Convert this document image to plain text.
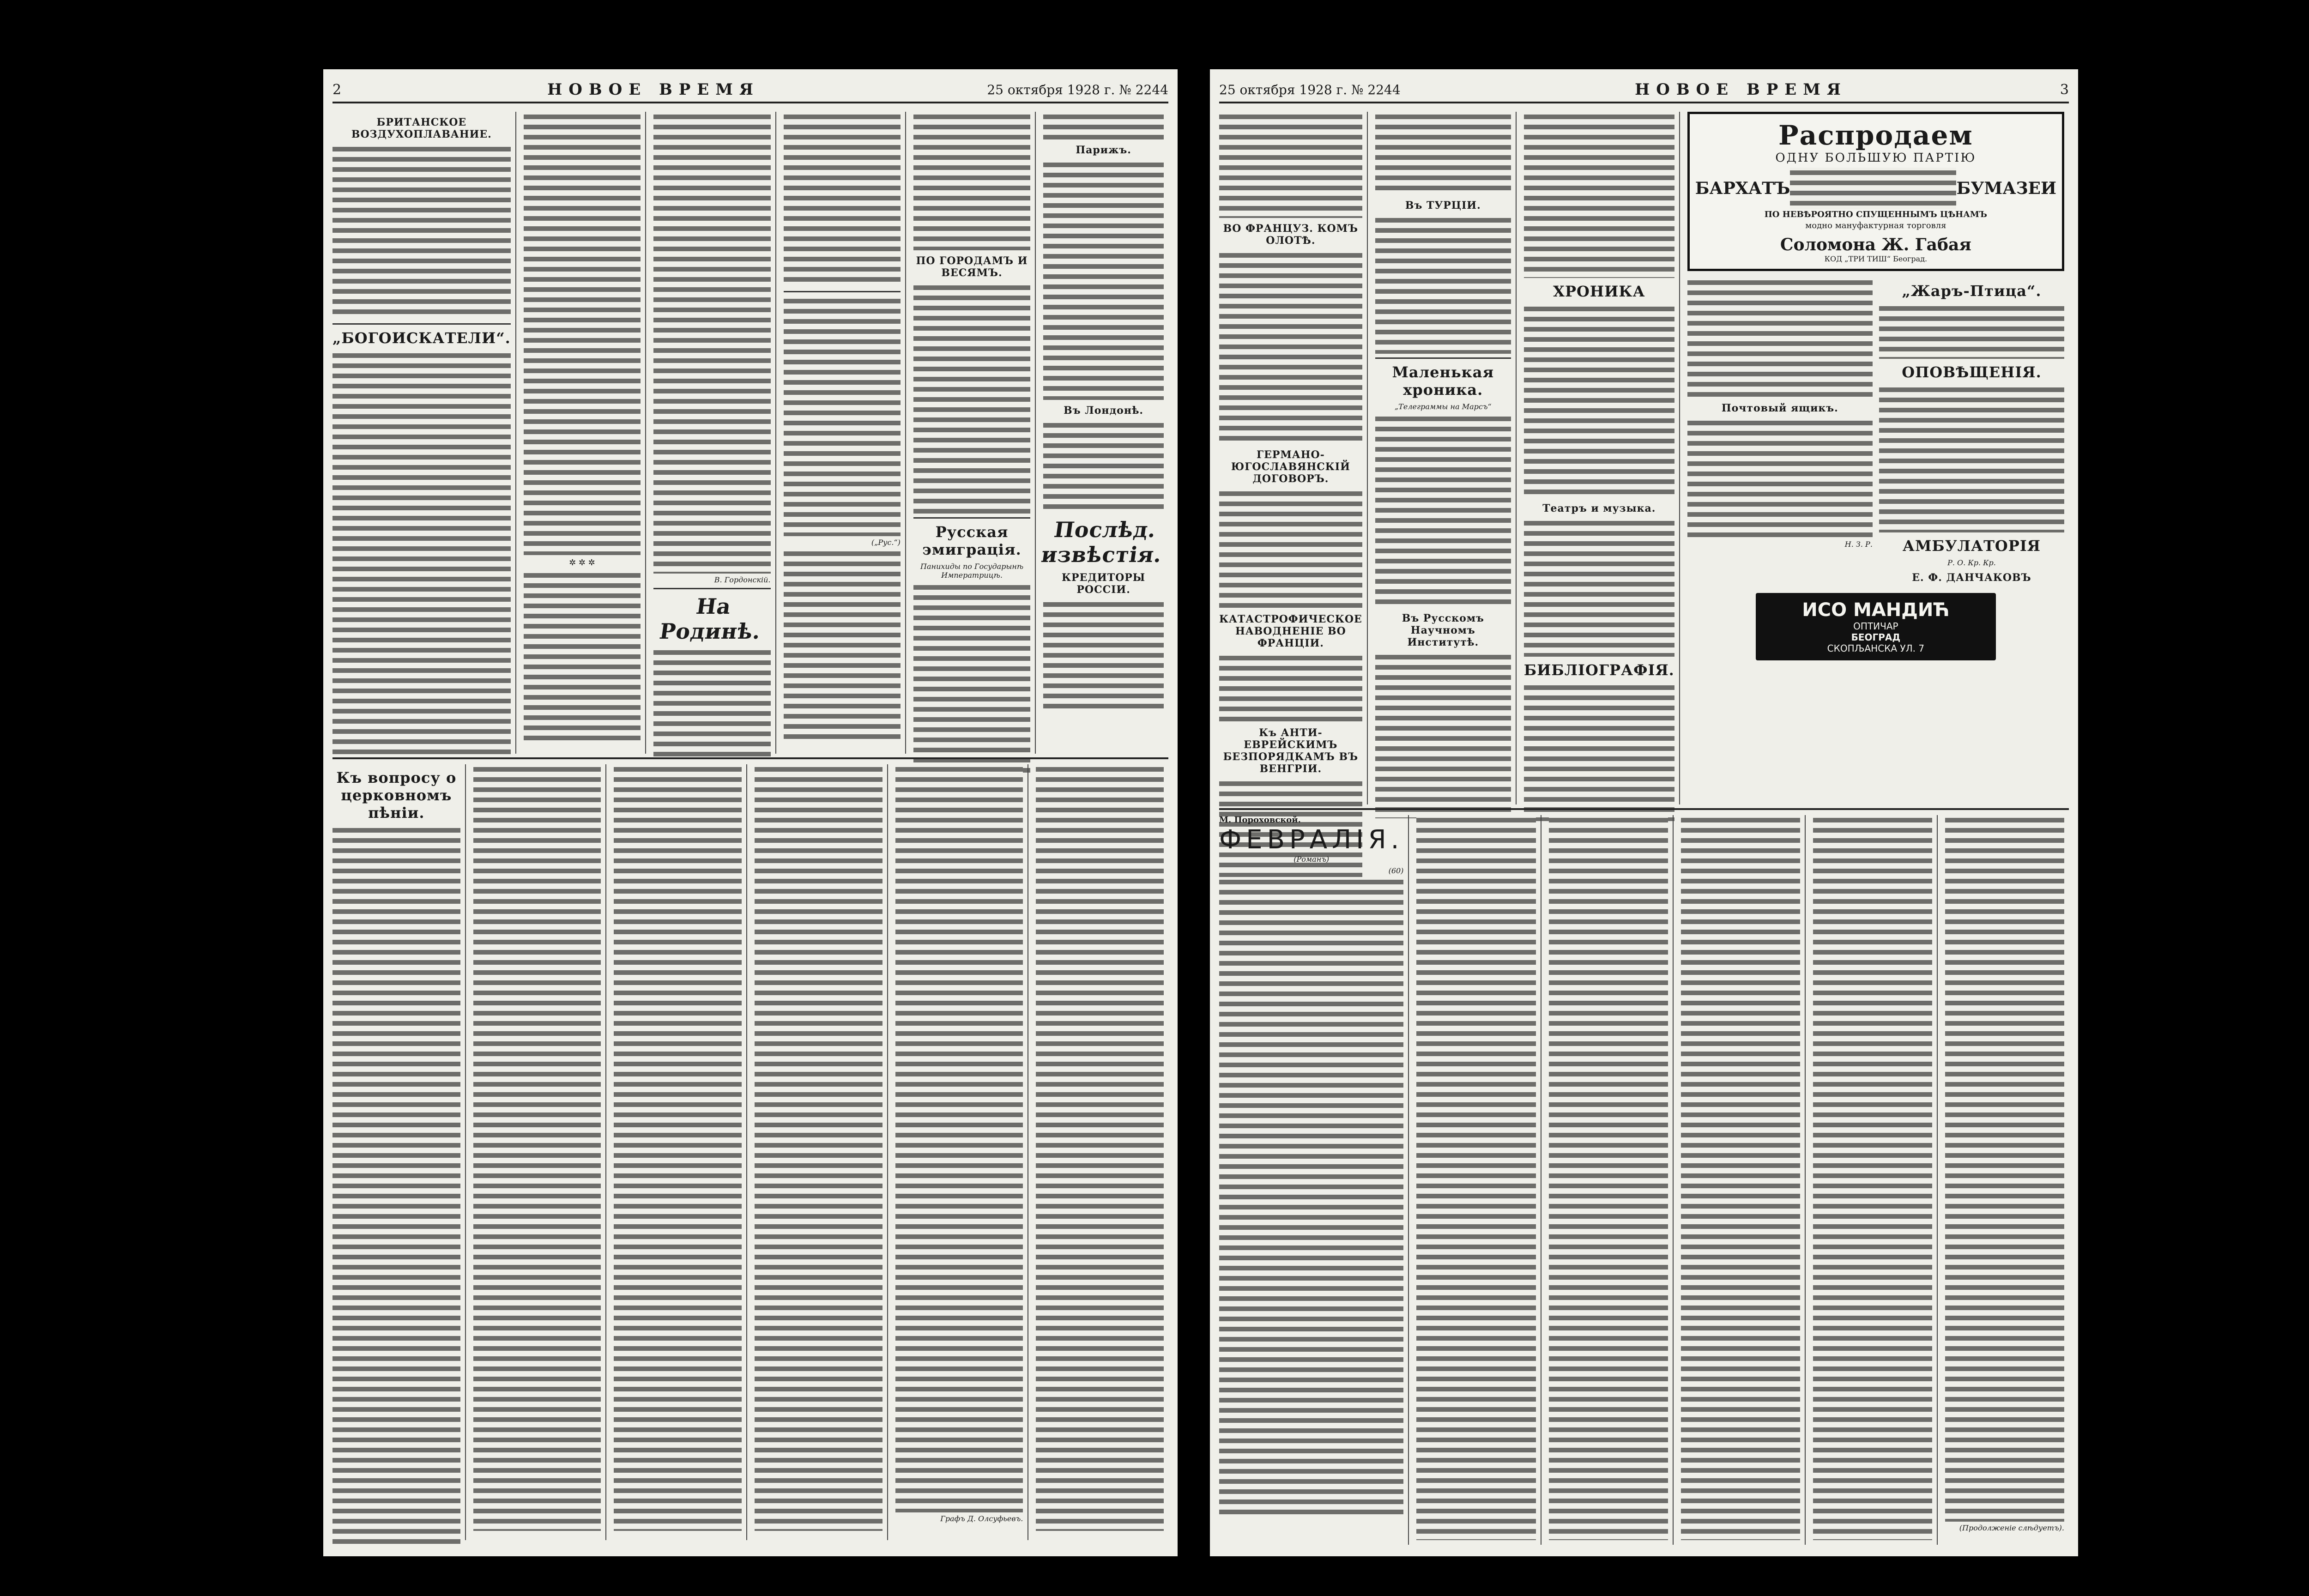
2	НОВОЕ ВРЕМЯ	25 октября 1928 г. № 2244
БРИТАНСКОЕ ВОЗДУХОПЛАВАНИЕ.
„БОГОИСКАТЕЛИ“.
✲ ✲ ✲
В. Гордонскій.
На Родинѣ.
(„Рус.“)
ПО ГОРОДАМЪ И ВЕСЯМЪ.
Русская эмиграція.
Панихиды по Государынѣ Императрицѣ.
Парижъ.
Въ Лондонѣ.
Послѣд. извѣстія.
КРЕДИТОРЫ РОССІИ.
Къ вопросу о церковномъ пѣніи.
Графъ Д. Олсуфьевъ.
25 октября 1928 г. № 2244	НОВОЕ ВРЕМЯ	3
ВО ФРАНЦУЗ. КОМЪ ОЛОТѢ.
ГЕРМАНО-ЮГОСЛАВЯНСКІЙ ДОГОВОРЪ.
КАТАСТРОФИЧЕСКОЕ НАВОДНЕНІЕ ВО ФРАНЦІИ.
Къ АНТИ-ЕВРЕЙСКИМЪ БЕЗПОРЯДКАМЪ ВЪ ВЕНГРІИ.
Въ ТУРЦІИ.
Маленькая хроника.
„Телеграммы на Марсъ“
Въ Русскомъ Научномъ Институтѣ.
ХРОНИКА
Театръ и музыка.
БИБЛІОГРАФІЯ.
Распродаем
ОДНУ БОЛЬШУЮ ПАРТІЮ
БАРХАТЪ	БУМАЗЕИ
ПО НЕВѢРОЯТНО СПУЩЕННЫМЪ ЦѢНАМЪ
модно мануфактурная торговля
Соломона Ж. Габая
КОД „ТРИ ТИШ“ Београд.
Почтовый ящикъ.
Н. З. Р.
„Жаръ-Птица“.
ОПОВѢЩЕНІЯ.
АМБУЛАТОРІЯ
Р. О. Кр. Кр.
Е. Ф. ДАНЧАКОВЪ
ИСО МАНДИЋ
ОПТИЧАР
БЕОГРАД
СКОПЉАНСКА УЛ. 7
М. Пороховской.
ФЕВРАЛІЯ.
(Романъ)
(60)
(Продолженіе слѣдуетъ).
